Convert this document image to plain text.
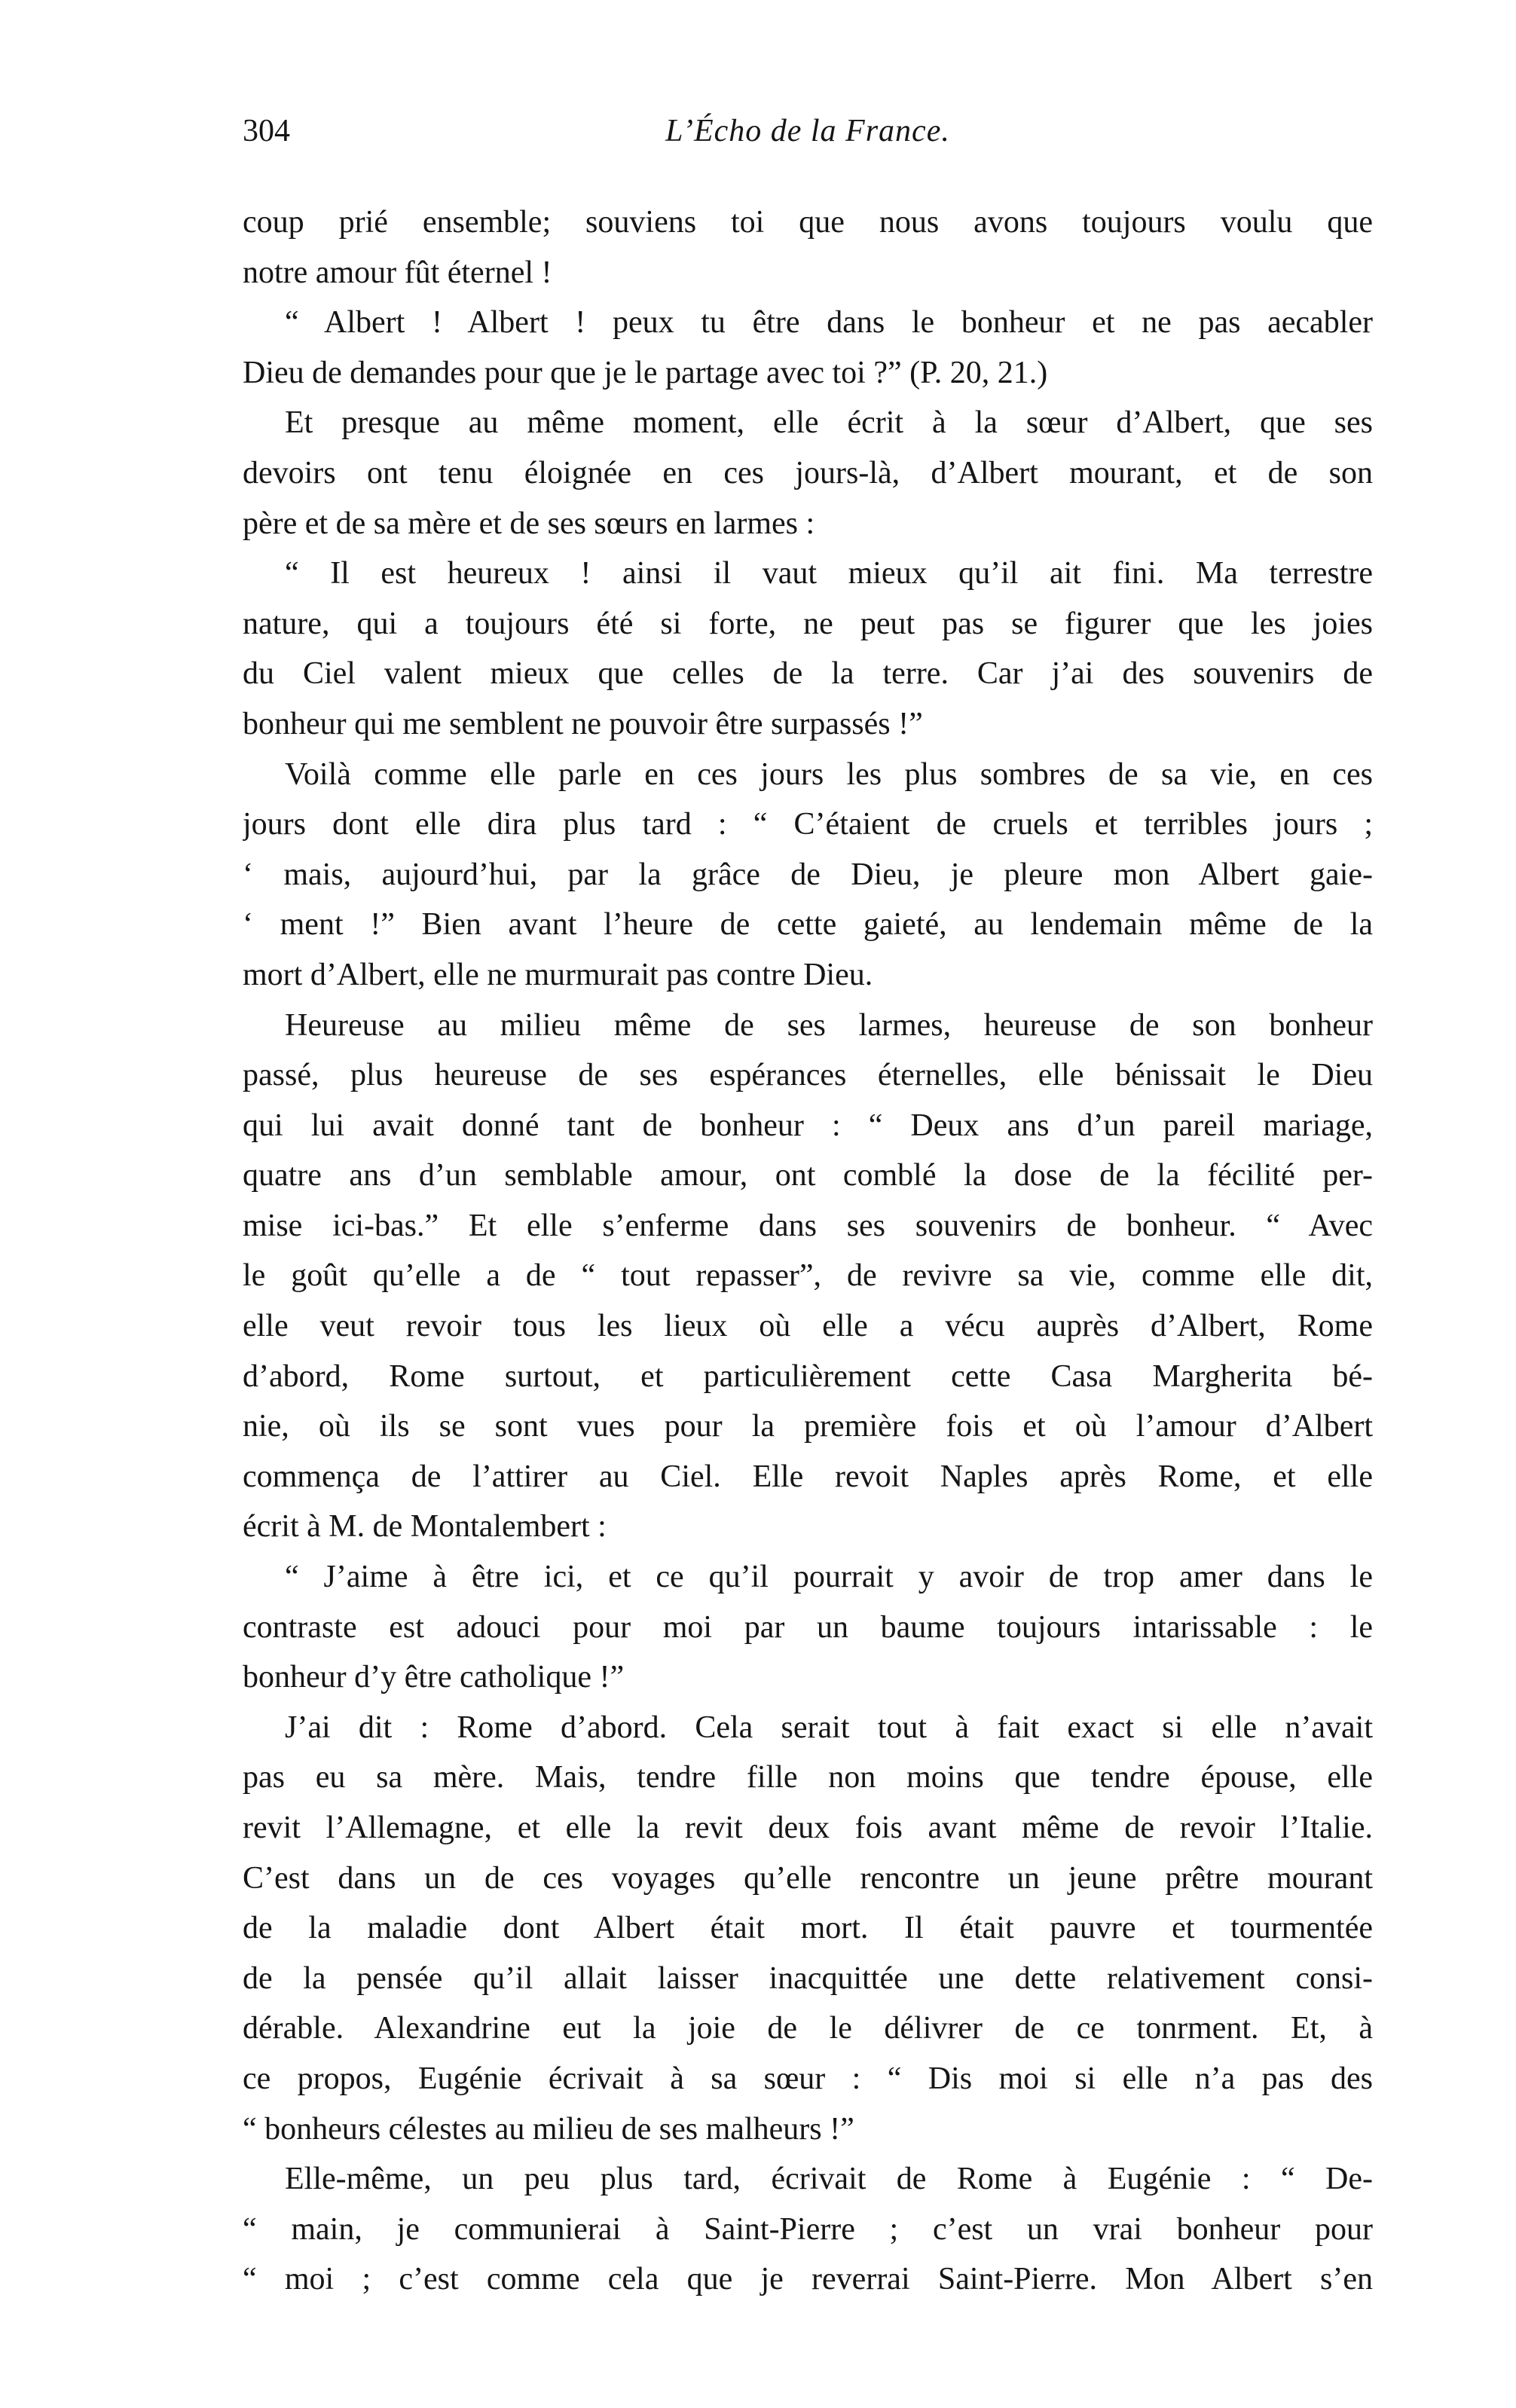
304	L’Écho de la France.
coup prié ensemble; souviens toi que nous avons toujours voulu que
notre amour fût éternel !
“ Albert ! Albert ! peux tu être dans le bonheur et ne pas aecabler
Dieu de demandes pour que je le partage avec toi ?” (P. 20, 21.)
Et presque au même moment, elle écrit à la sœur d’Albert, que ses
devoirs ont tenu éloignée en ces jours-là, d’Albert mourant, et de son
père et de sa mère et de ses sœurs en larmes :
“ Il est heureux ! ainsi il vaut mieux qu’il ait fini. Ma terrestre
nature, qui a toujours été si forte, ne peut pas se figurer que les joies
du Ciel valent mieux que celles de la terre. Car j’ai des souvenirs de
bonheur qui me semblent ne pouvoir être surpassés !”
Voilà comme elle parle en ces jours les plus sombres de sa vie, en ces
jours dont elle dira plus tard : “ C’étaient de cruels et terribles jours ;
‘ mais, aujourd’hui, par la grâce de Dieu, je pleure mon Albert gaie-
‘ ment !” Bien avant l’heure de cette gaieté, au lendemain même de la
mort d’Albert, elle ne murmurait pas contre Dieu.
Heureuse au milieu même de ses larmes, heureuse de son bonheur
passé, plus heureuse de ses espérances éternelles, elle bénissait le Dieu
qui lui avait donné tant de bonheur : “ Deux ans d’un pareil mariage,
quatre ans d’un semblable amour, ont comblé la dose de la fécilité per-
mise ici-bas.” Et elle s’enferme dans ses souvenirs de bonheur. “ Avec
le goût qu’elle a de “ tout repasser”, de revivre sa vie, comme elle dit,
elle veut revoir tous les lieux où elle a vécu auprès d’Albert, Rome
d’abord, Rome surtout, et particulièrement cette Casa Margherita bé-
nie, où ils se sont vues pour la première fois et où l’amour d’Albert
commença de l’attirer au Ciel. Elle revoit Naples après Rome, et elle
écrit à M. de Montalembert :
“ J’aime à être ici, et ce qu’il pourrait y avoir de trop amer dans le
contraste est adouci pour moi par un baume toujours intarissable : le
bonheur d’y être catholique !”
J’ai dit : Rome d’abord. Cela serait tout à fait exact si elle n’avait
pas eu sa mère. Mais, tendre fille non moins que tendre épouse, elle
revit l’Allemagne, et elle la revit deux fois avant même de revoir l’Italie.
C’est dans un de ces voyages qu’elle rencontre un jeune prêtre mourant
de la maladie dont Albert était mort. Il était pauvre et tourmentée
de la pensée qu’il allait laisser inacquittée une dette relativement consi-
dérable. Alexandrine eut la joie de le délivrer de ce tonrment. Et, à
ce propos, Eugénie écrivait à sa sœur : “ Dis moi si elle n’a pas des
“ bonheurs célestes au milieu de ses malheurs !”
Elle-même, un peu plus tard, écrivait de Rome à Eugénie : “ De-
“ main, je communierai à Saint-Pierre ; c’est un vrai bonheur pour
“ moi ; c’est comme cela que je reverrai Saint-Pierre. Mon Albert s’en
